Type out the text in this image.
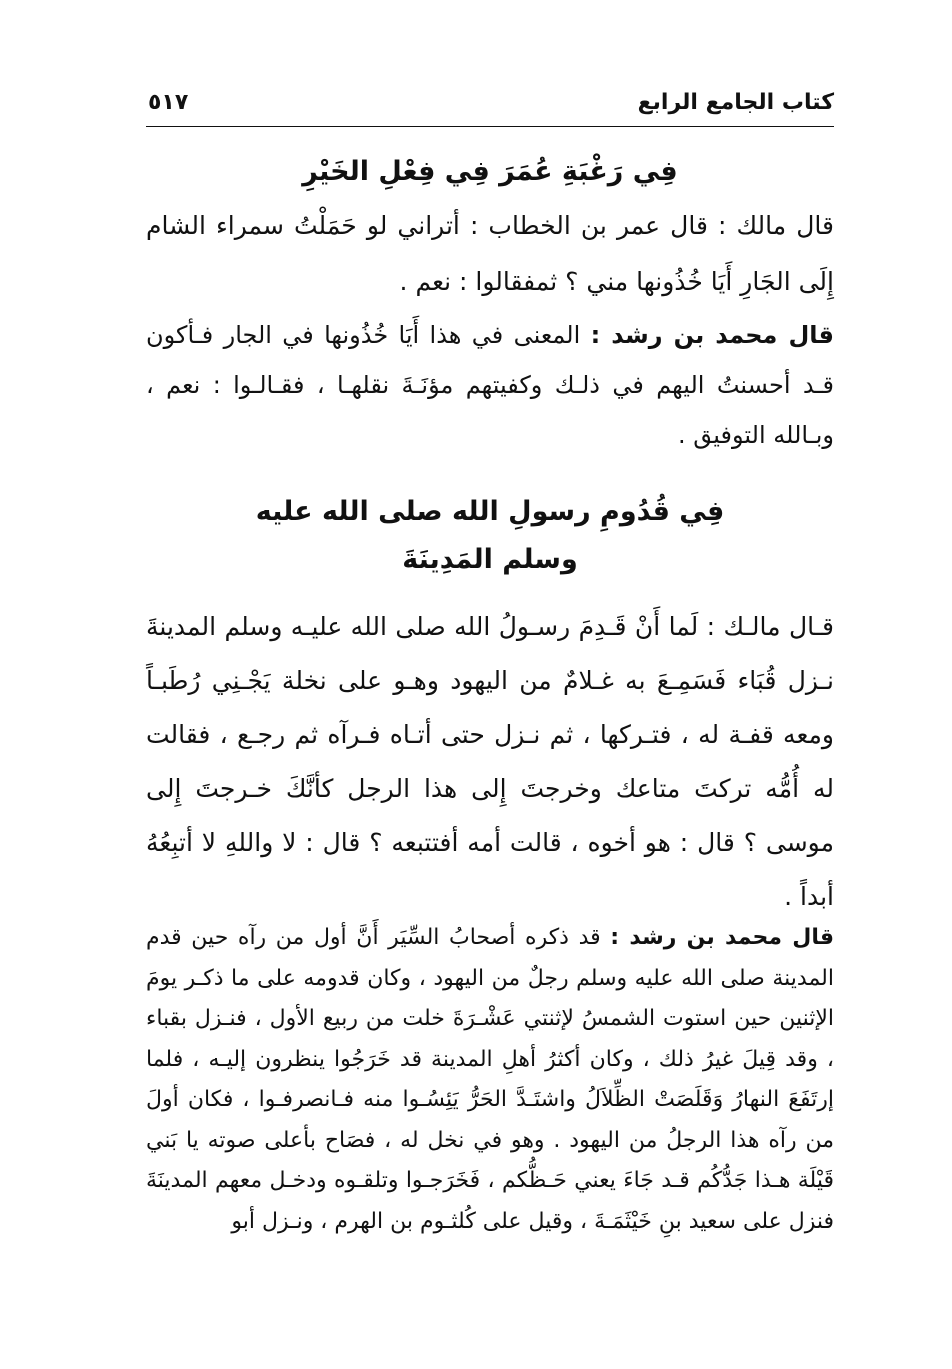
كتاب الجامع الرابع
٥١٧
فِي رَغْبَةِ عُمَرَ فِي فِعْلِ الخَيْرِ

قال مالك : قال عمر بن الخطاب : أتراني لو حَمَلْتُ سمراء الشام إِلَى الجَارِ أَيَا خُذُونها مني ؟ ثمفقالوا : نعم .

قال محمد بن رشد : المعنى في هذا أَيَا خُذُونها في الجار فـأكون قـد أحسنتُ اليهم في ذلـك وكفيتهم مؤنَـةَ نقلهـا ، فقـالـوا : نعم ، وبـالله التوفيق .

فِي قُدُومِ رسولِ الله صلى الله عليه
وسلم المَدِينَةَ

قـال مالـك : لَما أَنْ قَـدِمَ رسـولُ الله صلى الله عليـه وسلم المدينةَ نـزل قُبَاء فَسَمِـعَ به غـلامٌ من اليهود وهـو على نخلة يَجْـنِي رُطَبـاً ومعه قفـة له ، فتـركها ، ثم نـزل حتى أتـاه فـرآه ثم رجـع ، فقالت له أُمُّه تركتَ متاعك وخرجتَ إِلى هذا الرجل كأنَّكَ خـرجتَ إِلى موسى ؟ قال : هو أخوه ، قالت أمه أفتتبعه ؟ قال : لا واللهِ لا أتبِعُهُ أبداً .

قال محمد بن رشد : قد ذكره أصحابُ السِّيَر أَنَّ أول من رآه حين قدم المدينة صلى الله عليه وسلم رجلٌ من اليهود ، وكان قدومه على ما ذكـر يومَ الإثنين حين استوت الشمسُ لإثنتي عَشْـرَةَ خلت من ربيع الأول ، فنـزل بقباء ، وقد قِيلَ غيرُ ذلك ، وكان أكثرُ أهلِ المدينة قد خَرَجُوا ينظرون إليـه ، فلما إرتَفَعَ النهارُ وَقَلَصَتْ الظِّلاَلُ واشتَـدَّ الحَرُّ يَئِسُـوا منه فـانصرفـوا ، فكان أولَ من رآه هذا الرجلُ من اليهود . وهو في نخل له ، فصَاح بأعلى صوته يا بَني قَيْلَة هـذا جَدُّكُم قـد جَاءَ يعني حَـظُّكم ، فَخَرَجـوا وتلقـوه ودخـل معهم المدينَةَ فنزل على سعيد بنِ خَيْثَمَـةَ ، وقيل على كُلثـوم بن الهرم ، ونـزل أبو
